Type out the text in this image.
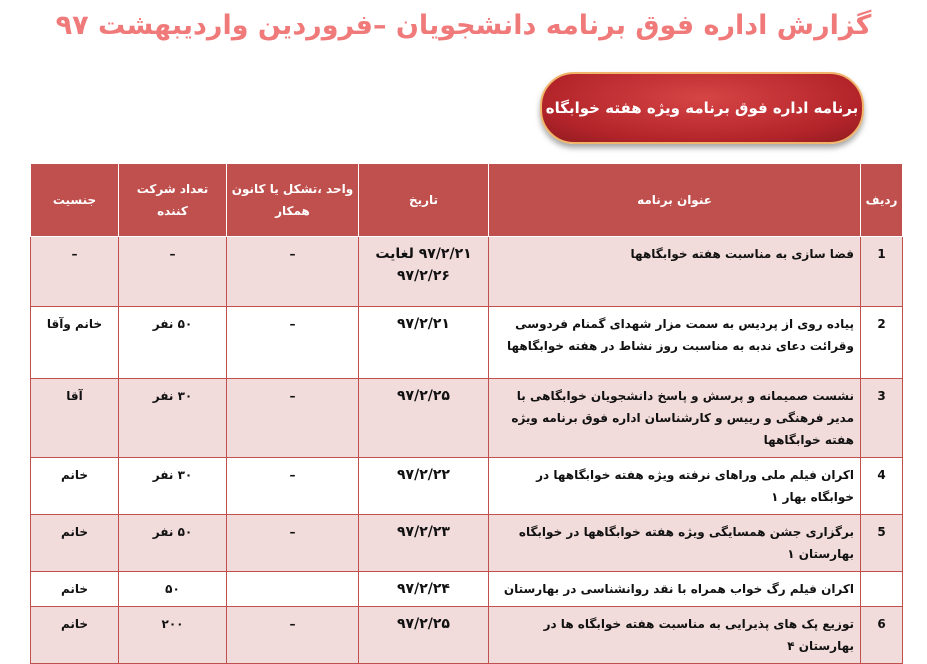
گزارش اداره فوق برنامه دانشجویان –فروردین واردیبهشت ۹۷
برنامه اداره فوق برنامه ویژه هفته خوابگاه
ردیف	عنوان برنامه	تاریخ	واحد ،تشکل یا کانون همکار	تعداد شرکت کننده	جنسیت
1	فضا سازی به مناسبت هفته خوابگاهها	۹۷/۲/۲۱ لغایت ۹۷/۲/۲۶	–	–	–
2	پیاده روی از پردیس به سمت مزار شهدای گمنام فردوسی وقرائت دعای ندبه به مناسبت روز نشاط در هفته خوابگاهها	۹۷/۲/۲۱	–	۵۰ نفر	خانم وآقا
3	نشست صمیمانه و پرسش و پاسخ دانشجویان خوابگاهی با مدیر فرهنگی و رییس و کارشناسان اداره فوق برنامه ویژه هفته خوابگاهها	۹۷/۲/۲۵	–	۳۰ نفر	آقا
4	اکران فیلم ملی وراهای نرفته ویژه هفته خوابگاهها در خوابگاه بهار ۱	۹۷/۲/۲۲	–	۳۰ نفر	خانم
5	برگزاری جشن همسایگی ویژه هفته خوابگاهها در خوابگاه بهارستان ۱	۹۷/۲/۲۳	–	۵۰ نفر	خانم
	اکران فیلم رگ خواب همراه با نقد روانشناسی در بهارستان	۹۷/۲/۲۴		۵۰	خانم
6	توزیع پک های پذیرایی به مناسبت هفته خوابگاه ها در بهارستان ۴	۹۷/۲/۲۵	–	۲۰۰	خانم
